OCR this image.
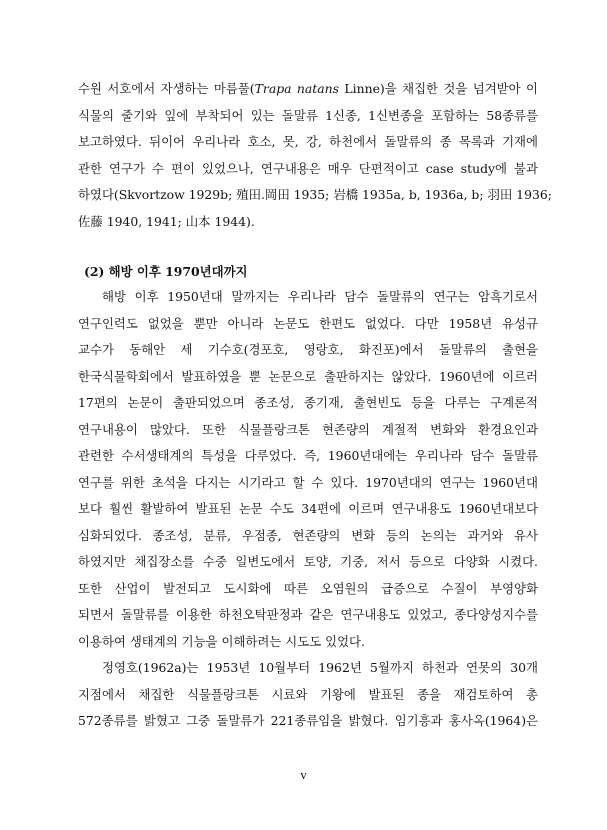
수원 서호에서 자생하는 마름풀(Trapa natans Linne)을 채집한 것을 넘겨받아 이
식물의 줄기와 잎에 부착되어 있는 돌말류 1신종, 1신변종을 포함하는 58종류를
보고하였다. 뒤이어 우리나라 호소, 못, 강, 하천에서 돌말류의 종 목록과 기재에
관한 연구가 수 편이 있었으나, 연구내용은 매우 단편적이고 case study에 불과
하였다(Skvortzow 1929b; 殖田.岡田 1935; 岩橋 1935a, b, 1936a, b; 羽田 1936;
佐藤 1940, 1941; 山本 1944).
(2) 해방 이후 1970년대까지
해방 이후 1950년대 말까지는 우리나라 담수 돌말류의 연구는 암흑기로서
연구인력도 없었을 뿐만 아니라 논문도 한편도 없었다. 다만 1958년 유성규
교수가 동해안 세 기수호(경포호, 영랑호, 화진포)에서 돌말류의 출현을
한국식물학회에서 발표하였을 뿐 논문으로 출판하지는 않았다. 1960년에 이르러
17편의 논문이 출판되었으며 종조성, 종기재, 출현빈도 등을 다루는 구계론적
연구내용이 많았다. 또한 식물플랑크톤 현존량의 계절적 변화와 환경요인과
관련한 수서생태계의 특성을 다루었다. 즉, 1960년대에는 우리나라 담수 돌말류
연구를 위한 초석을 다지는 시기라고 할 수 있다. 1970년대의 연구는 1960년대
보다 훨씬 활발하여 발표된 논문 수도 34편에 이르며 연구내용도 1960년대보다
심화되었다. 종조성, 분류, 우점종, 현존량의 변화 등의 논의는 과거와 유사
하였지만 채집장소를 수중 일변도에서 토양, 기중, 저서 등으로 다양화 시켰다.
또한 산업이 발전되고 도시화에 따른 오염원의 급증으로 수질이 부영양화
되면서 돌말류를 이용한 하천오탁판정과 같은 연구내용도 있었고, 종다양성지수를
이용하여 생태계의 기능을 이해하려는 시도도 있었다.
정영호(1962a)는 1953년 10월부터 1962년 5월까지 하천과 연못의 30개
지점에서 채집한 식물플랑크톤 시료와 기왕에 발표된 종을 재검토하여 총
572종류를 밝혔고 그중 돌말류가 221종류임을 밝혔다. 임기흥과 홍사옥(1964)은
v
